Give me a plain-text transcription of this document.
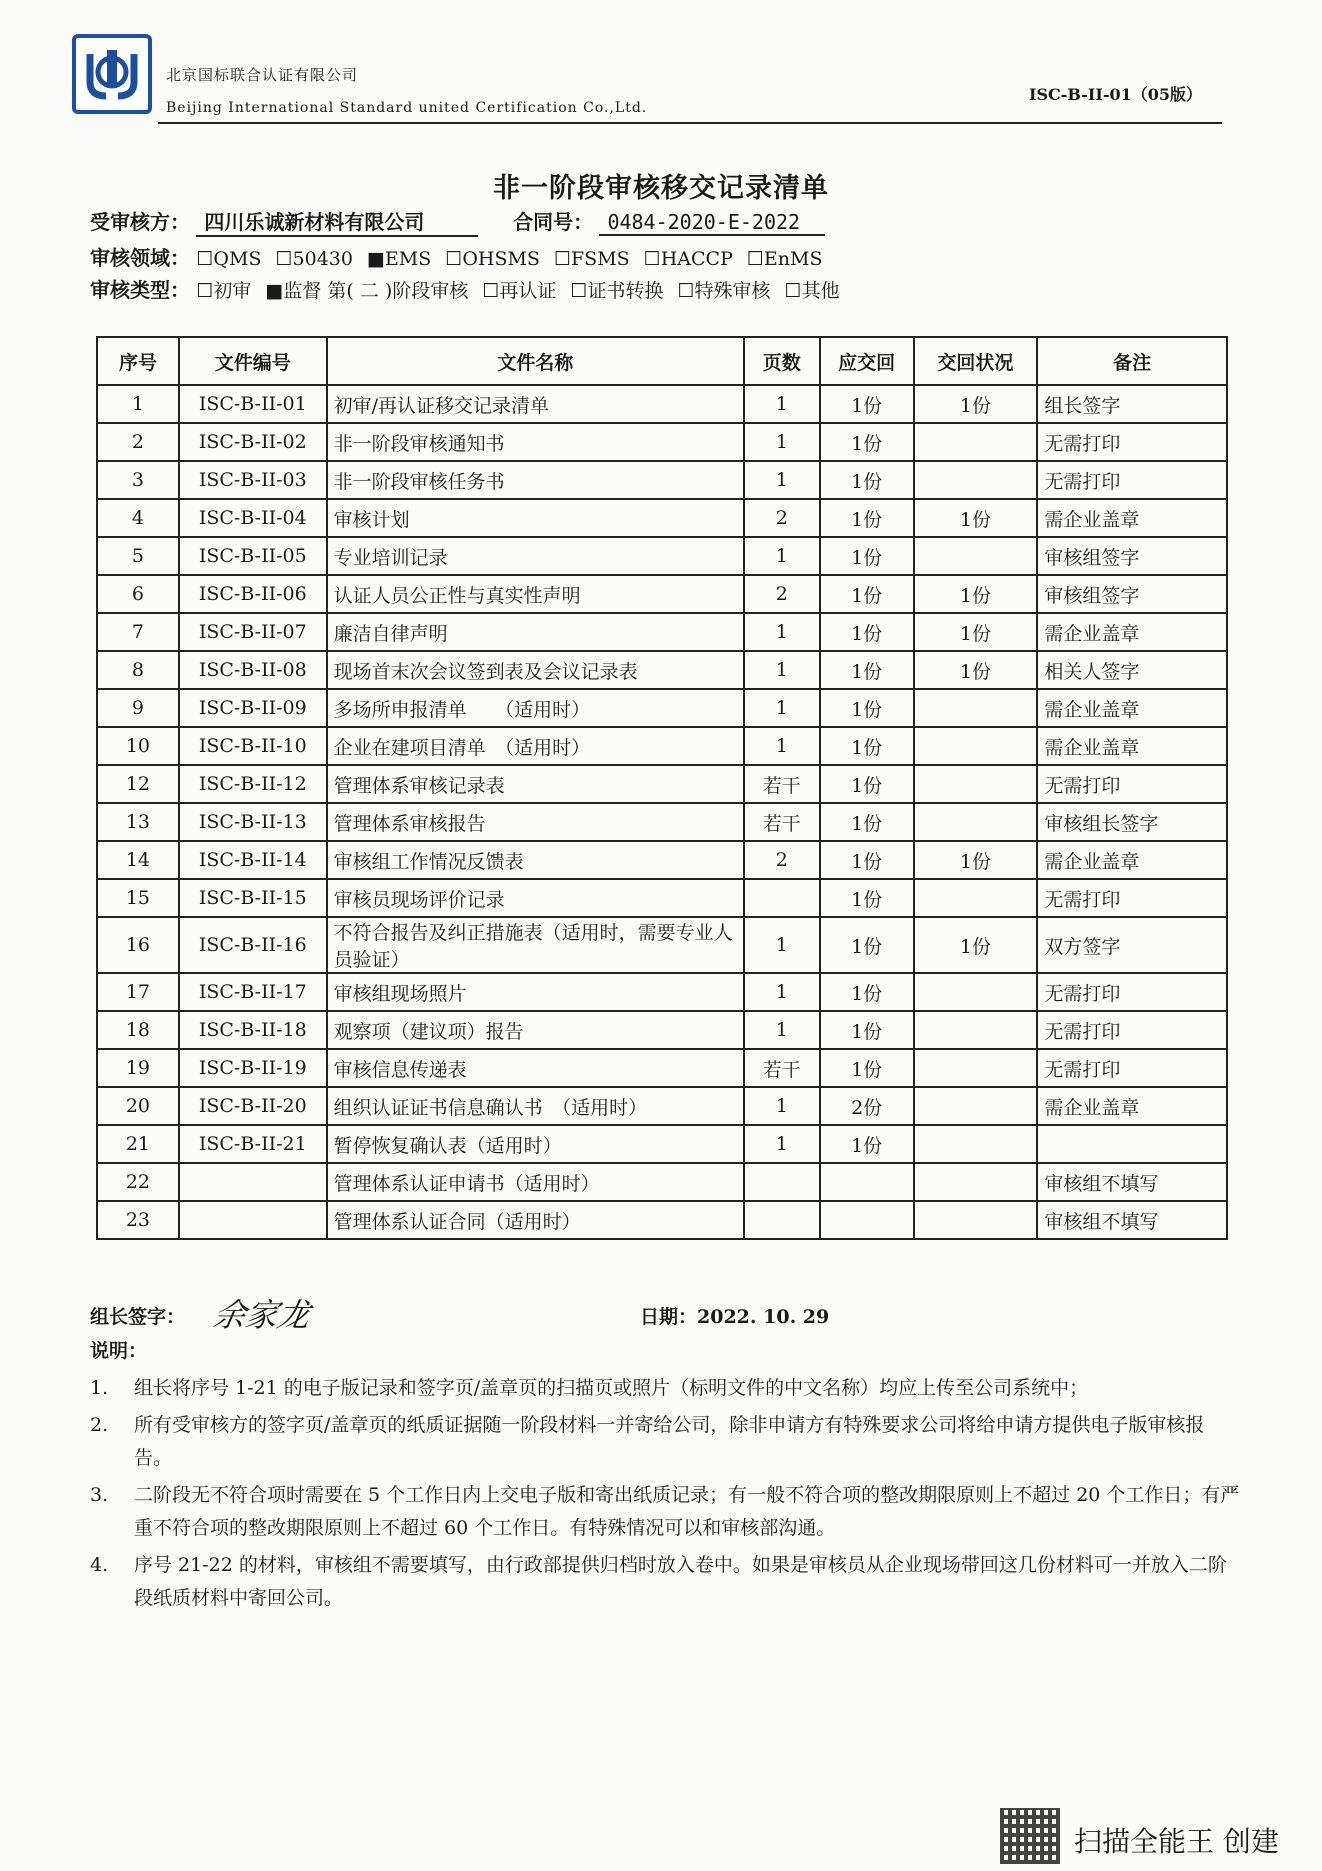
北京国标联合认证有限公司
Beijing International Standard united Certification Co.,Ltd.
ISC-B-II-01（05版）
非一阶段审核移交记录清单
受审核方： 四川乐诚新材料有限公司	合同号： 0484-2020-E-2022
审核领域： ☐QMS ☐50430 ■EMS ☐OHSMS ☐FSMS ☐HACCP ☐EnMS
审核类型： ☐初审 ■监督 第( 二 )阶段审核 ☐再认证 ☐证书转换 ☐特殊审核 ☐其他
序号	文件编号	文件名称	页数	应交回	交回状况	备注
1	ISC-B-II-01	初审/再认证移交记录清单	1	1份	1份	组长签字
2	ISC-B-II-02	非一阶段审核通知书	1	1份		无需打印
3	ISC-B-II-03	非一阶段审核任务书	1	1份		无需打印
4	ISC-B-II-04	审核计划	2	1份	1份	需企业盖章
5	ISC-B-II-05	专业培训记录	1	1份		审核组签字
6	ISC-B-II-06	认证人员公正性与真实性声明	2	1份	1份	审核组签字
7	ISC-B-II-07	廉洁自律声明	1	1份	1份	需企业盖章
8	ISC-B-II-08	现场首末次会议签到表及会议记录表	1	1份	1份	相关人签字
9	ISC-B-II-09	多场所申报清单　　（适用时）	1	1份		需企业盖章
10	ISC-B-II-10	企业在建项目清单　（适用时）	1	1份		需企业盖章
12	ISC-B-II-12	管理体系审核记录表	若干	1份		无需打印
13	ISC-B-II-13	管理体系审核报告	若干	1份		审核组长签字
14	ISC-B-II-14	审核组工作情况反馈表	2	1份	1份	需企业盖章
15	ISC-B-II-15	审核员现场评价记录		1份		无需打印
16	ISC-B-II-16	不符合报告及纠正措施表（适用时，需要专业人员验证）	1	1份	1份	双方签字
17	ISC-B-II-17	审核组现场照片	1	1份		无需打印
18	ISC-B-II-18	观察项（建议项）报告	1	1份		无需打印
19	ISC-B-II-19	审核信息传递表	若干	1份		无需打印
20	ISC-B-II-20	组织认证证书信息确认书　（适用时）	1	2份		需企业盖章
21	ISC-B-II-21	暂停恢复确认表（适用时）	1	1份		
22		管理体系认证申请书（适用时）				审核组不填写
23		管理体系认证合同（适用时）				审核组不填写
组长签字： 余家龙	日期：2022. 10. 29
说明：
1. 组长将序号 1-21 的电子版记录和签字页/盖章页的扫描页或照片（标明文件的中文名称）均应上传至公司系统中；
2. 所有受审核方的签字页/盖章页的纸质证据随一阶段材料一并寄给公司，除非申请方有特殊要求公司将给申请方提供电子版审核报告。
3. 二阶段无不符合项时需要在 5 个工作日内上交电子版和寄出纸质记录；有一般不符合项的整改期限原则上不超过 20 个工作日；有严重不符合项的整改期限原则上不超过 60 个工作日。有特殊情况可以和审核部沟通。
4. 序号 21-22 的材料，审核组不需要填写，由行政部提供归档时放入卷中。如果是审核员从企业现场带回这几份材料可一并放入二阶段纸质材料中寄回公司。
扫描全能王 创建
